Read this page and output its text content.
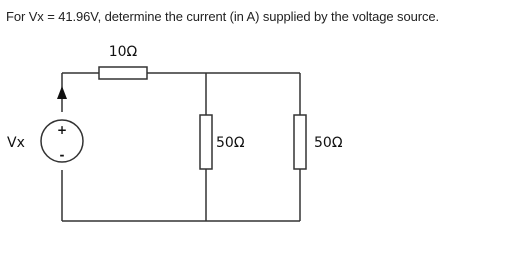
For Vx = 41.96V, determine the current (in A) supplied by the voltage source.
10Ω
50Ω	50Ω
+
-
Vx
